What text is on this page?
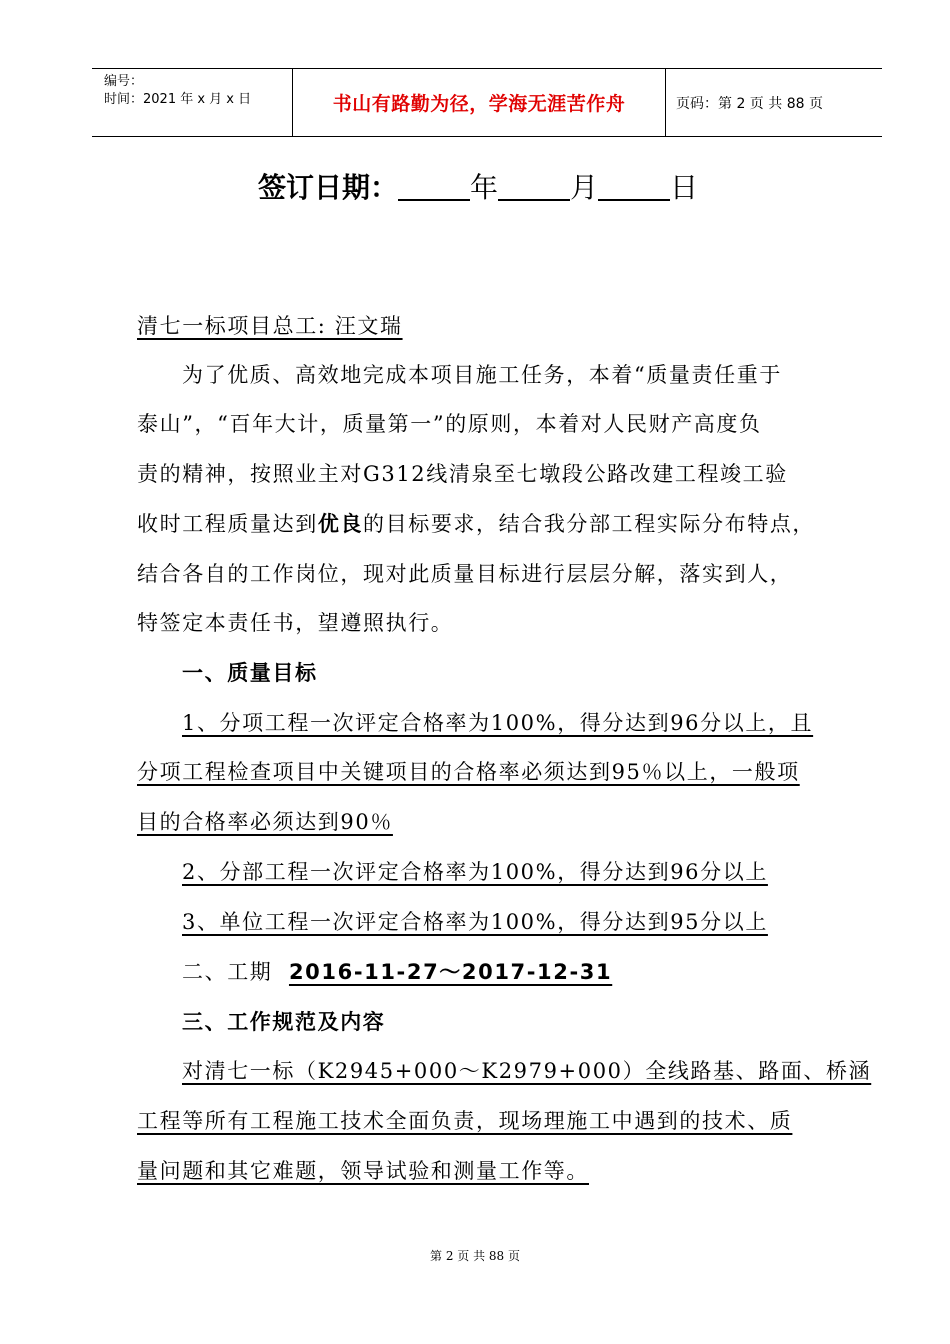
编号：
时间：2021 年 x 月 x 日	书山有路勤为径，学海无涯苦作舟	页码：第 2 页 共 88 页
签订日期：	年	月	日
清七一标项目总工: 汪文瑞
为了优质、高效地完成本项目施工任务，本着“质量责任重于
泰山”，“百年大计，质量第一”的原则，本着对人民财产高度负
责的精神，按照业主对G312线清泉至七墩段公路改建工程竣工验
收时工程质量达到优良的目标要求，结合我分部工程实际分布特点，
结合各自的工作岗位，现对此质量目标进行层层分解，落实到人，
特签定本责任书，望遵照执行。
一、质量目标
1、分项工程一次评定合格率为100%，得分达到96分以上，且
分项工程检查项目中关键项目的合格率必须达到95％以上，一般项
目的合格率必须达到90％
2、分部工程一次评定合格率为100%，得分达到96分以上
3、单位工程一次评定合格率为100%，得分达到95分以上
二、工期 2016-11-27～2017-12-31
三、工作规范及内容
对清七一标（K2945+000～K2979+000）全线路基、路面、桥涵
工程等所有工程施工技术全面负责，现场理施工中遇到的技术、质
量问题和其它难题，领导试验和测量工作等。
第 2 页 共 88 页
